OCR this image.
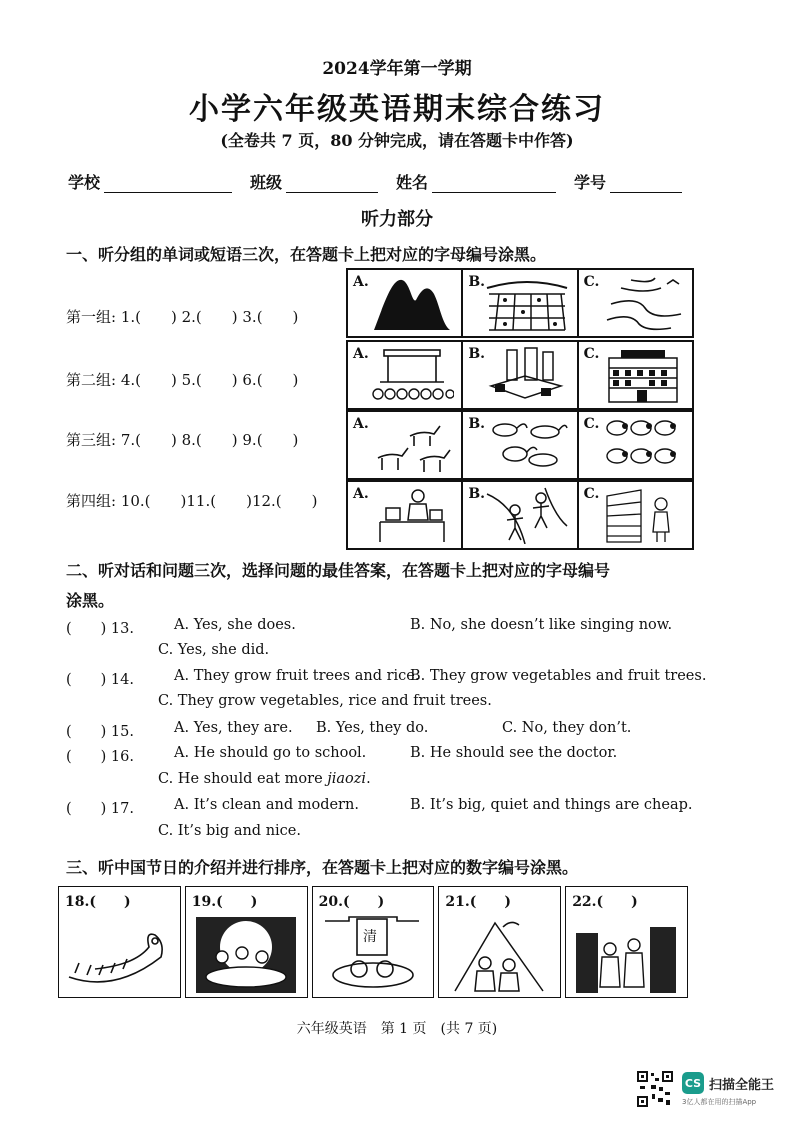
2024学年第一学期
小学六年级英语期末综合练习
(全卷共 7 页，80 分钟完成，请在答题卡中作答)
学校	班级	姓名	学号
听力部分
一、听分组的单词或短语三次，在答题卡上把对应的字母编号涂黑。
第一组: 1.(　　) 2.(　　) 3.(　　)
A.	B.	C.
第二组: 4.(　　) 5.(　　) 6.(　　)
A.	B.	C.
第三组: 7.(　　) 8.(　　) 9.(　　)
A.	B.	C.
第四组: 10.(　　)11.(　　)12.(　　)	A.	B.	C.
二、听对话和问题三次，选择问题的最佳答案，在答题卡上把对应的字母编号
涂黑。
(　　) 13.	A. Yes, she does.	B. No, she doesn’t like singing now.
C. Yes, she did.
(　　) 14.	A. They grow fruit trees and rice.
B. They grow vegetables and fruit trees.
C. They grow vegetables, rice and fruit trees.
(　　) 15.	A. Yes, they are. B. Yes, they do.	C. No, they don’t.
(　　) 16.	A. He should go to school.	B. He should see the doctor.
C. He should eat more jiaozi.
(　　) 17.	A. It’s clean and modern.	B. It’s big, quiet and things are cheap.
C. It’s big and nice.
三、听中国节日的介绍并进行排序，在答题卡上把对应的数字编号涂黑。
18.(　　)	19.(　　)	20.(　　)
清
21.(　　)	22.(　　)
六年级英语　第 1 页　(共 7 页)
CS 扫描全能王
3亿人都在用的扫描App
